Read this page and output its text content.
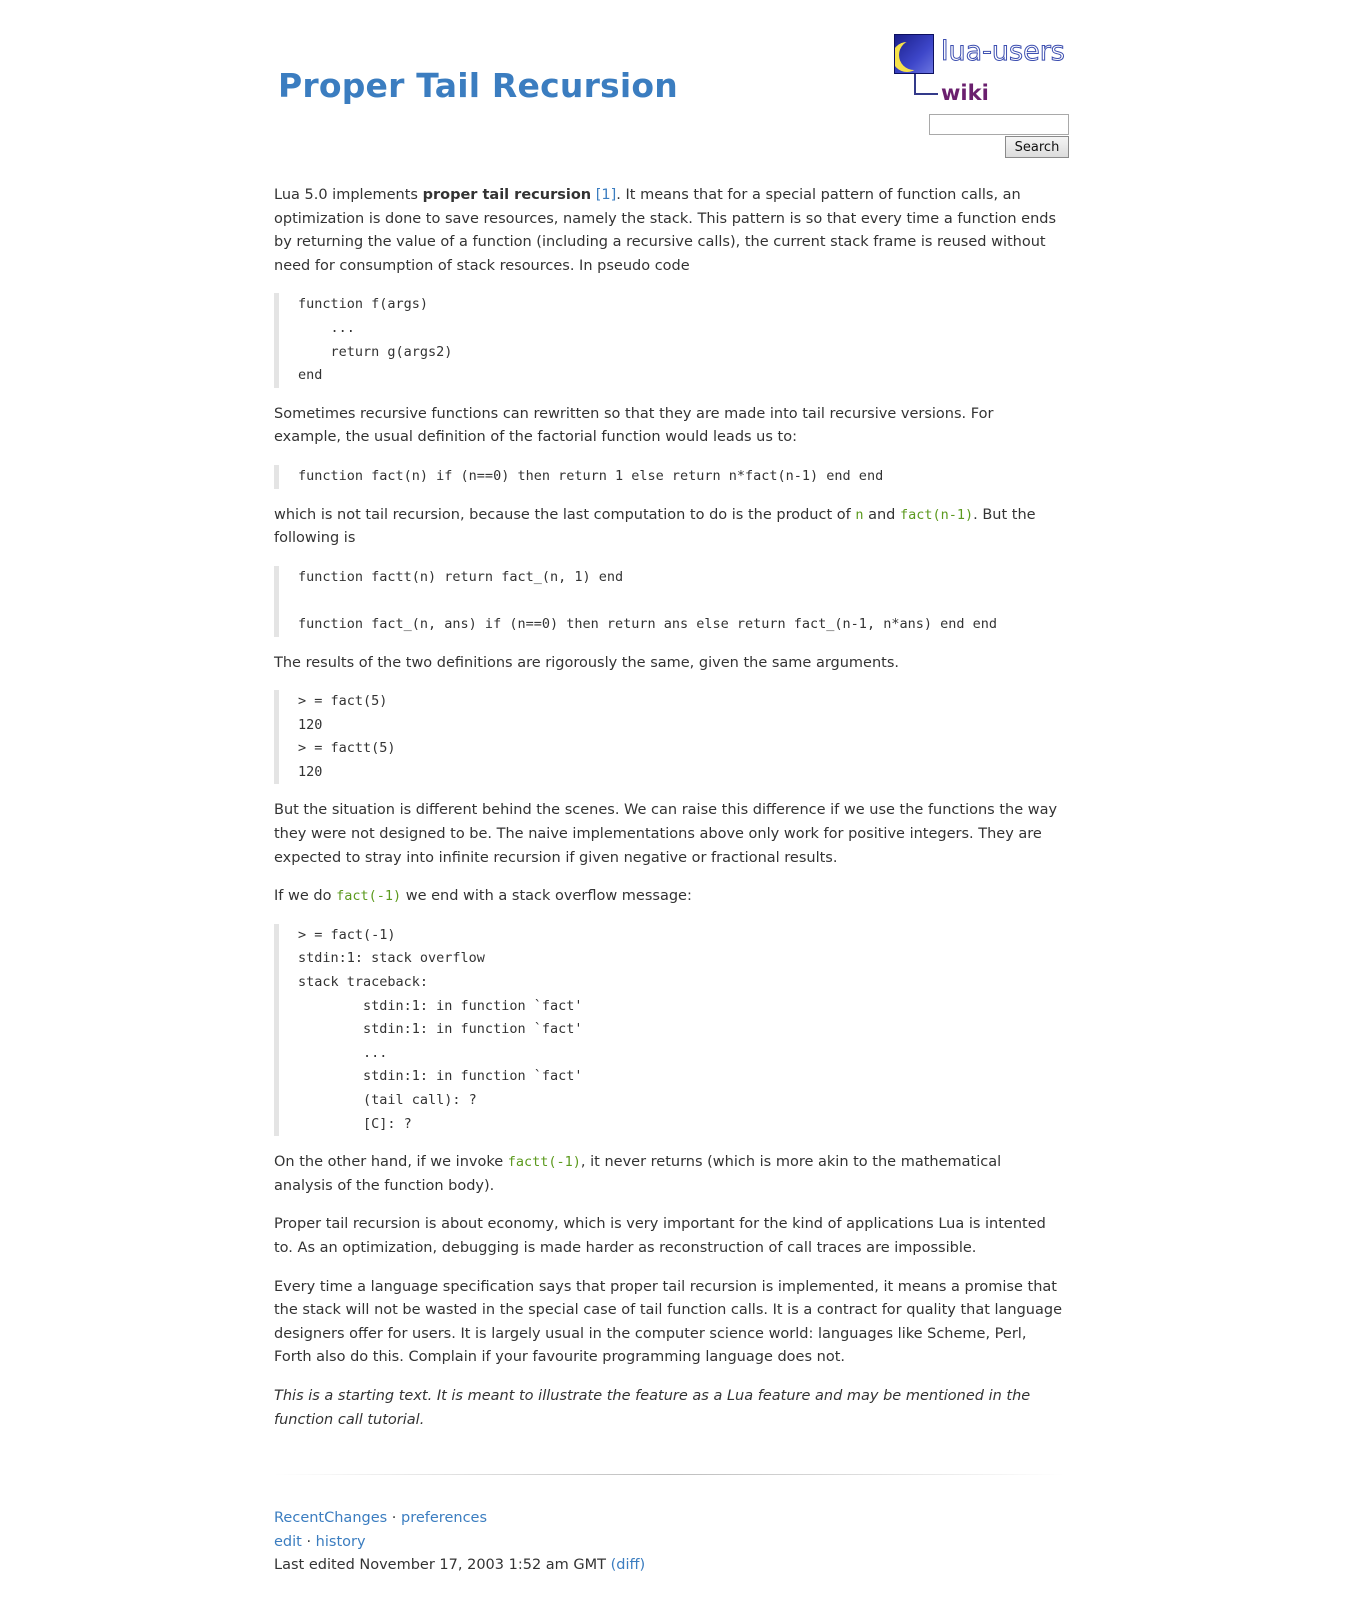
Proper Tail Recursion
lua-users
wiki
Search

Lua 5.0 implements proper tail recursion [1]. It means that for a special pattern of function calls, an optimization is done to save resources, namely the stack. This pattern is so that every time a function ends by returning the value of a function (including a recursive calls), the current stack frame is reused without need for consumption of stack resources. In pseudo code

function f(args)
...
return g(args2)
end

Sometimes recursive functions can rewritten so that they are made into tail recursive versions. For example, the usual definition of the factorial function would leads us to:

function fact(n) if (n==0) then return 1 else return n*fact(n-1) end end

which is not tail recursion, because the last computation to do is the product of n and fact(n-1). But the following is

function factt(n) return fact_(n, 1) end

function fact_(n, ans) if (n==0) then return ans else return fact_(n-1, n*ans) end end

The results of the two definitions are rigorously the same, given the same arguments.

> = fact(5)
120
> = factt(5)
120

But the situation is different behind the scenes. We can raise this difference if we use the functions the way they were not designed to be. The naive implementations above only work for positive integers. They are expected to stray into infinite recursion if given negative or fractional results.

If we do fact(-1) we end with a stack overflow message:

> = fact(-1)
stdin:1: stack overflow
stack traceback:
stdin:1: in function `fact'
stdin:1: in function `fact'
...
stdin:1: in function `fact'
(tail call): ?
[C]: ?

On the other hand, if we invoke factt(-1), it never returns (which is more akin to the mathematical analysis of the function body).

Proper tail recursion is about economy, which is very important for the kind of applications Lua is intented to. As an optimization, debugging is made harder as reconstruction of call traces are impossible.

Every time a language specification says that proper tail recursion is implemented, it means a promise that the stack will not be wasted in the special case of tail function calls. It is a contract for quality that language designers offer for users. It is largely usual in the computer science world: languages like Scheme, Perl, Forth also do this. Complain if your favourite programming language does not.

This is a starting text. It is meant to illustrate the feature as a Lua feature and may be mentioned in the function call tutorial.

RecentChanges · preferences
edit · history
Last edited November 17, 2003 1:52 am GMT (diff)
